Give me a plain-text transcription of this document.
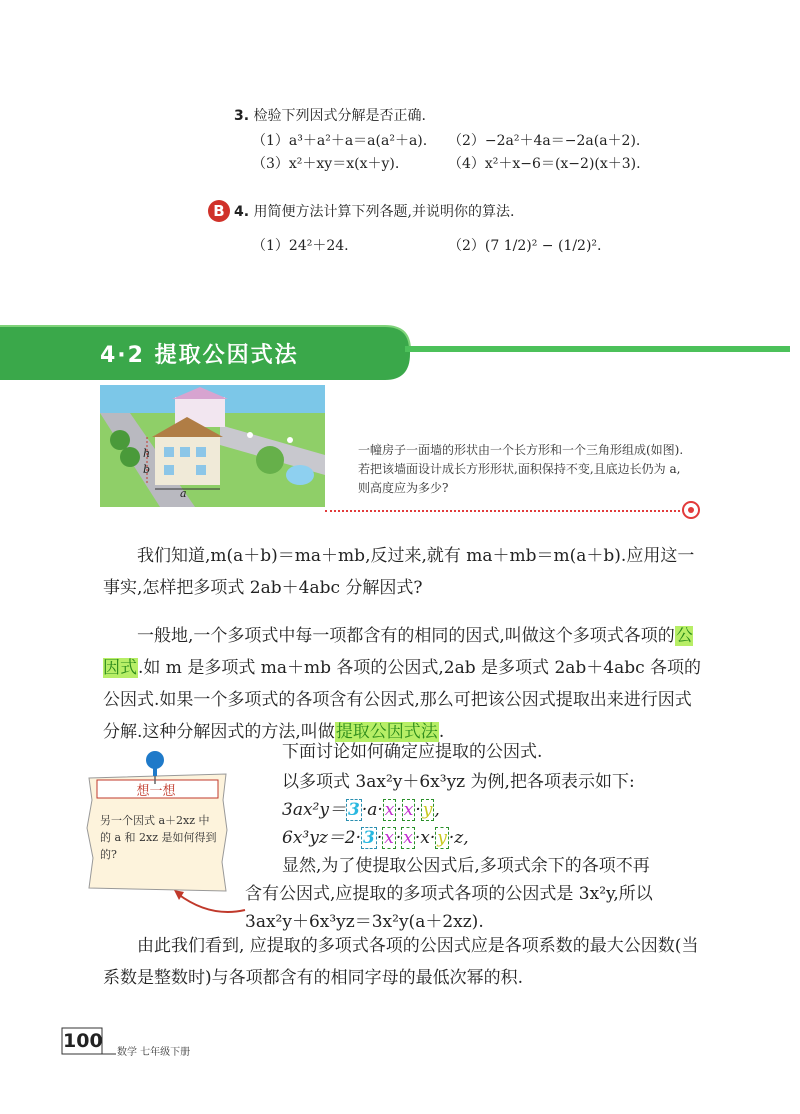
3. 检验下列因式分解是否正确.
（1）a³＋a²＋a＝a(a²＋a). （2）−2a²＋4a＝−2a(a＋2).
（3）x²＋xy＝x(x＋y).	（4）x²＋x−6＝(x−2)(x＋3).
B 4. 用简便方法计算下列各题,并说明你的算法.
（1）24²＋24.	（2）(7 1/2)² − (1/2)².
4·2 提取公因式法
h
b
a
一幢房子一面墙的形状由一个长方形和一个三角形组成(如图).若把该墙面设计成长方形形状,面积保持不变,且底边长仍为 a,则高度应为多少?
我们知道,m(a＋b)＝ma＋mb,反过来,就有 ma＋mb＝m(a＋b).应用这一事实,怎样把多项式 2ab＋4abc 分解因式?
一般地,一个多项式中每一项都含有的相同的因式,叫做这个多项式各项的公因式.如 m 是多项式 ma＋mb 各项的公因式,2ab 是多项式 2ab＋4abc 各项的公因式.如果一个多项式的各项含有公因式,那么可把该公因式提取出来进行因式分解.这种分解因式的方法,叫做提取公因式法.
下面讨论如何确定应提取的公因式.
以多项式 3ax²y＋6x³yz 为例,把各项表示如下:
3ax²y＝ 3 ·a· x · x · y ,
6x³yz＝2· 3 · x · x ·x· y ·z,
显然,为了使提取公因式后,多项式余下的各项不再
含有公因式,应提取的多项式各项的公因式是 3x²y,所以
3ax²y＋6x³yz＝3x²y(a＋2xz).
想一想
另一个因式 a＋2xz 中的 a 和 2xz 是如何得到的?
由此我们看到, 应提取的多项式各项的公因式应是各项系数的最大公因数(当系数是整数时)与各项都含有的相同字母的最低次幂的积.
100
数学 七年级下册
